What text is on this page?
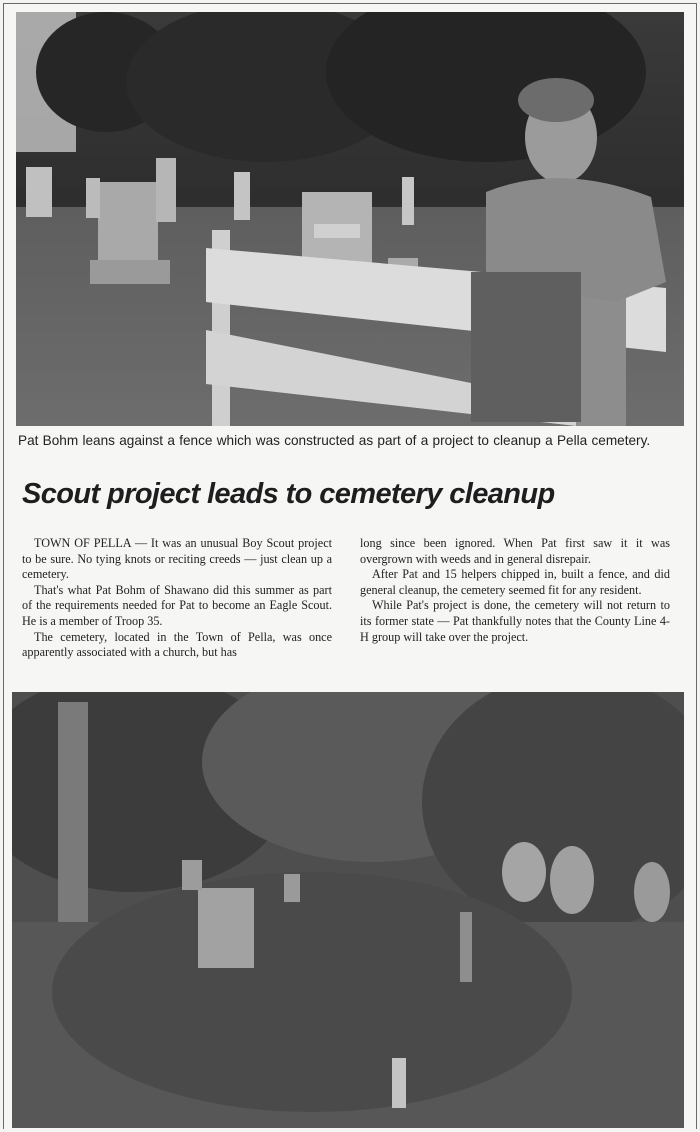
Pat Bohm leans against a fence which was constructed as part of a project to cleanup a Pella cemetery.
Scout project leads to cemetery cleanup

TOWN OF PELLA — It was an unusual Boy Scout project to be sure. No tying knots or reciting creeds — just clean up a cemetery.

That's what Pat Bohm of Shawano did this summer as part of the requirements needed for Pat to become an Eagle Scout. He is a member of Troop 35.

The cemetery, located in the Town of Pella, was once apparently associated with a church, but has

long since been ignored. When Pat first saw it it was overgrown with weeds and in general disrepair.

After Pat and 15 helpers chipped in, built a fence, and did general cleanup, the cemetery seemed fit for any resident.

While Pat's project is done, the cemetery will not return to its former state — Pat thankfully notes that the County Line 4-H group will take over the project.
